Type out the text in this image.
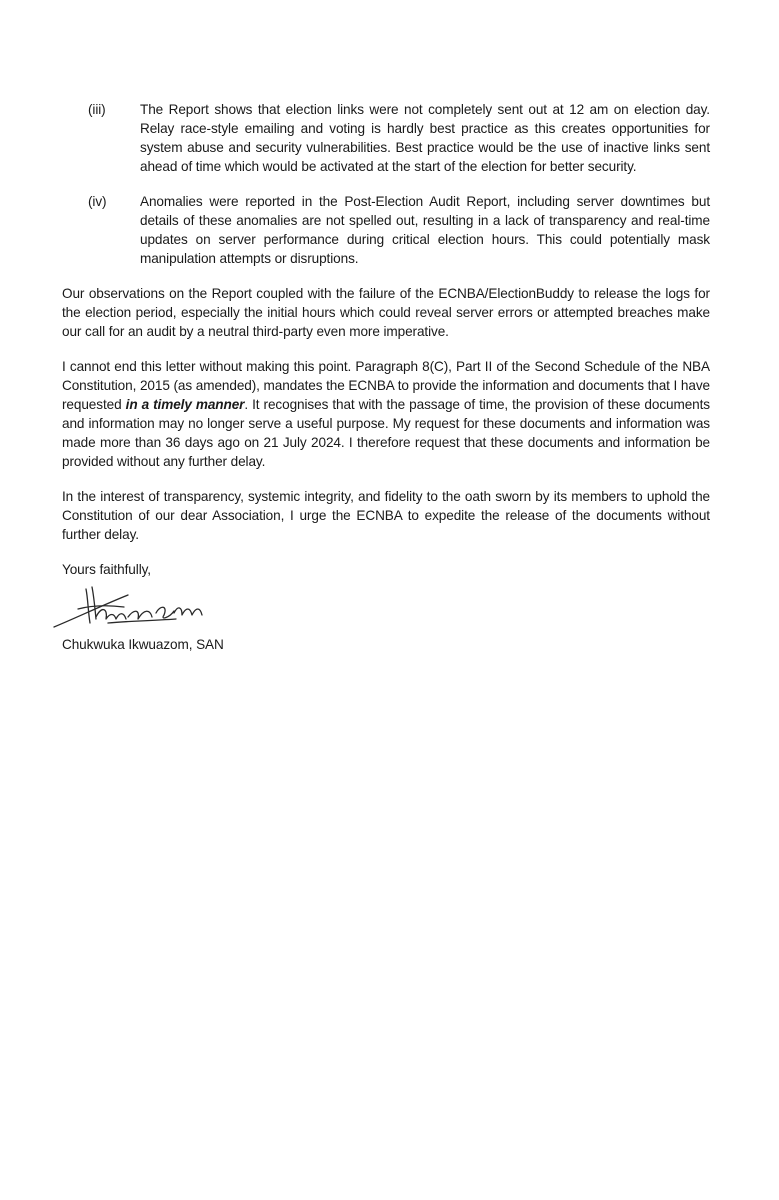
(iii)	The Report shows that election links were not completely sent out at 12 am on election day. Relay race-style emailing and voting is hardly best practice as this creates opportunities for system abuse and security vulnerabilities. Best practice would be the use of inactive links sent ahead of time which would be activated at the start of the election for better security.
(iv)	Anomalies were reported in the Post-Election Audit Report, including server downtimes but details of these anomalies are not spelled out, resulting in a lack of transparency and real-time updates on server performance during critical election hours. This could potentially mask manipulation attempts or disruptions.

Our observations on the Report coupled with the failure of the ECNBA/ElectionBuddy to release the logs for the election period, especially the initial hours which could reveal server errors or attempted breaches make our call for an audit by a neutral third-party even more imperative.

I cannot end this letter without making this point. Paragraph 8(C), Part II of the Second Schedule of the NBA Constitution, 2015 (as amended), mandates the ECNBA to provide the information and documents that I have requested in a timely manner. It recognises that with the passage of time, the provision of these documents and information may no longer serve a useful purpose. My request for these documents and information was made more than 36 days ago on 21 July 2024. I therefore request that these documents and information be provided without any further delay.

In the interest of transparency, systemic integrity, and fidelity to the oath sworn by its members to uphold the Constitution of our dear Association, I urge the ECNBA to expedite the release of the documents without further delay.

Yours faithfully,

Chukwuka Ikwuazom, SAN
